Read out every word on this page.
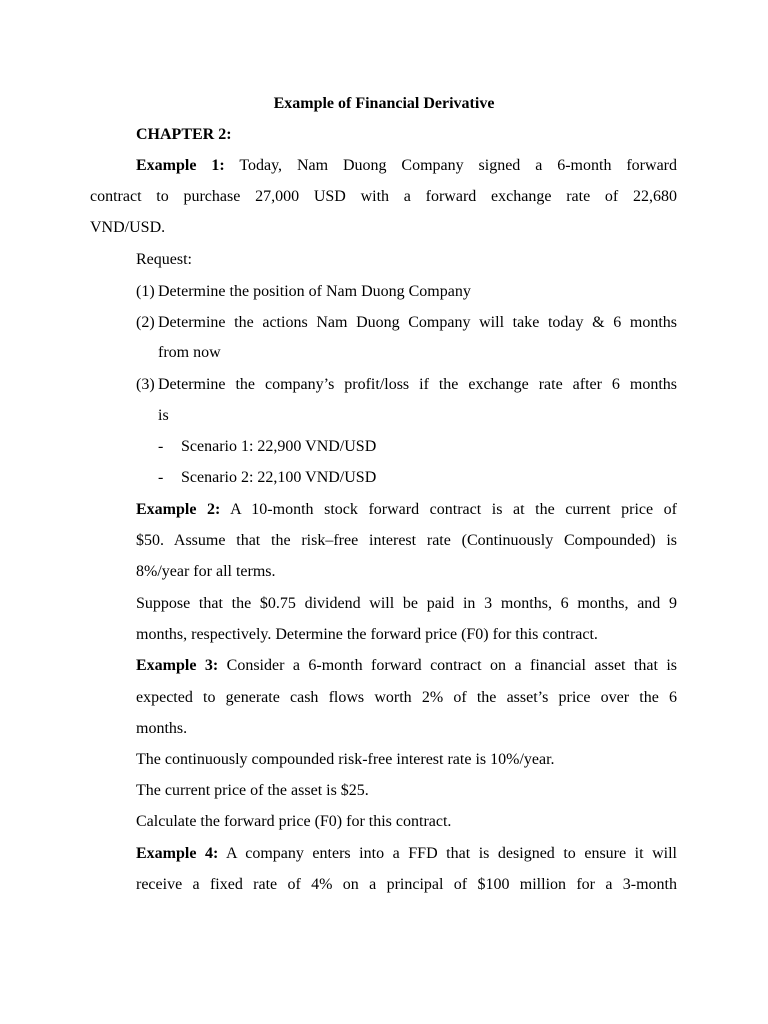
Example of Financial Derivative
CHAPTER 2:
Example 1: Today, Nam Duong Company signed a 6-month forward
contract to purchase 27,000 USD with a forward exchange rate of 22,680
VND/USD.
Request:
(1) Determine the position of Nam Duong Company
(2) Determine the actions Nam Duong Company will take today & 6 months
from now
(3) Determine the company’s profit/loss if the exchange rate after 6 months
is
- Scenario 1: 22,900 VND/USD
- Scenario 2: 22,100 VND/USD
Example 2: A 10-month stock forward contract is at the current price of
$50. Assume that the risk–free interest rate (Continuously Compounded) is
8%/year for all terms.
Suppose that the $0.75 dividend will be paid in 3 months, 6 months, and 9
months, respectively. Determine the forward price (F0) for this contract.
Example 3: Consider a 6-month forward contract on a financial asset that is
expected to generate cash flows worth 2% of the asset’s price over the 6
months.
The continuously compounded risk-free interest rate is 10%/year.
The current price of the asset is $25.
Calculate the forward price (F0) for this contract.
Example 4: A company enters into a FFD that is designed to ensure it will
receive a fixed rate of 4% on a principal of $100 million for a 3-month
